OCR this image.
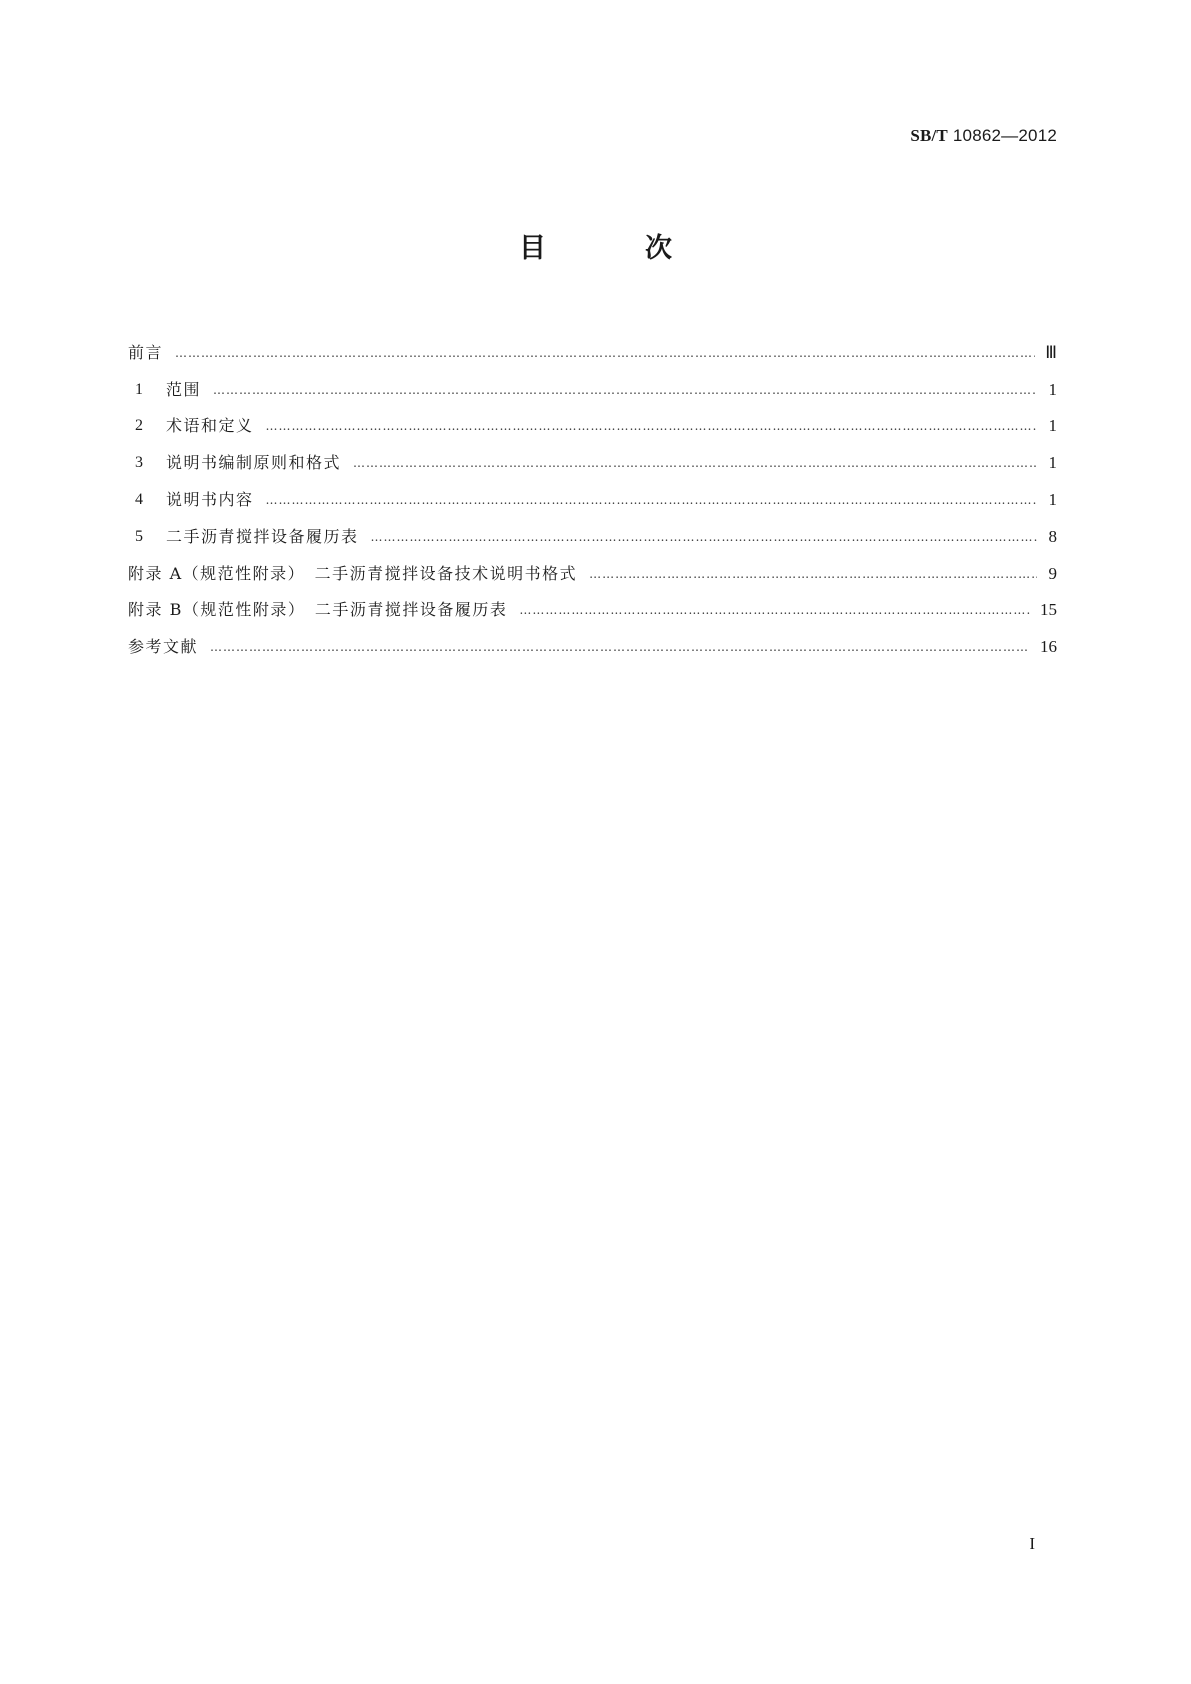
SB/T 10862—2012
目　次
前言 ……………………………………………………………………………………………………………………………………………………………………………………………………………………………………	Ⅲ
1	范围 ……………………………………………………………………………………………………………………………………………………………………………………………………………………………………	1
2	术语和定义 ……………………………………………………………………………………………………………………………………………………………………………………………………………………………………	1
3	说明书编制原则和格式 ……………………………………………………………………………………………………………………………………………………………………………………………………………………………………	1
4	说明书内容 ……………………………………………………………………………………………………………………………………………………………………………………………………………………………………	1
5	二手沥青搅拌设备履历表 ……………………………………………………………………………………………………………………………………………………………………………………………………………………………………	8
附录 A（规范性附录）　二手沥青搅拌设备技术说明书格式 ……………………………………………………………………………………………………………………………………………………………………………………………………………………………………	9
附录 B（规范性附录）　二手沥青搅拌设备履历表 ……………………………………………………………………………………………………………………………………………………………………………………………………………………………………	15
参考文献 ……………………………………………………………………………………………………………………………………………………………………………………………………………………………………	16
I
